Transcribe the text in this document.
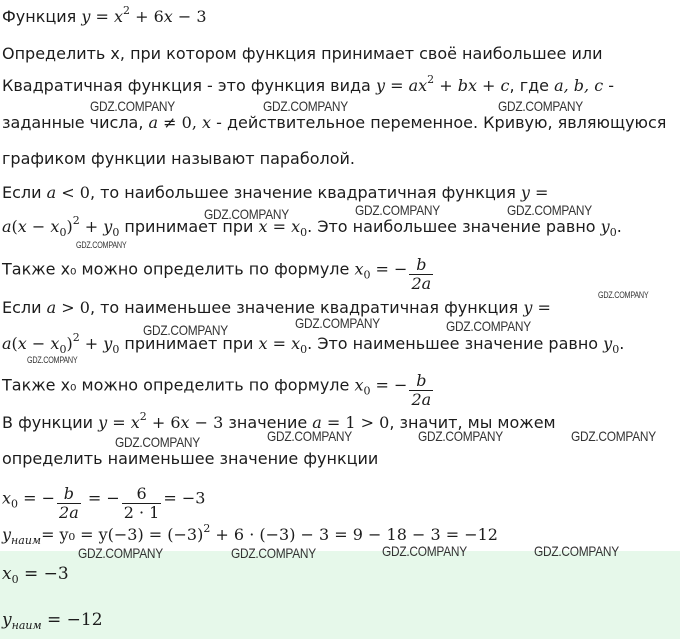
Функция $y = x^2 + 6x - 3$
Определить x, при котором функция принимает своё наибольшее или
Квадратичная функция - это функция вида $y = ax^2$ + bx + c, где a, b, c -
заданные числа, a ≠ 0, x - действительное переменное. Кривую, являющуюся
графиком функции называют параболой.
Если a < 0, то наибольшее значение квадратичная функция y =
$a(x - x_0)^2 + y_0$ принимает при $x = x_0$. Это наибольшее значение равно $y_0$.
Также x₀ можно определить по формуле $x_0$ = − $\frac{b}{2a}$
Если a > 0, то наименьшее значение квадратичная функция y =
$a(x - x_0)^2 + y_0$ принимает при $x = x_0$. Это наименьшее значение равно $y_0$.
Также x₀ можно определить по формуле $x_0$ = − $\frac{b}{2a}$
В функции $y = x^2 + 6x - 3$ значение a = 1 > 0, значит, мы можем
определить наименьшее значение функции
$x_0$ = − $\frac{b}{2a}$ = − $\frac{6}{2 \cdot 1} = -3$
$y_{наим}= y_0 = y(-3) = (-3)^2 + 6 \cdot (-3) - 3 = 9 - 18 - 3 = -12$
$x_0 = -3$
$y_{наим} = -12$
GDZ.COMPANY	GDZ.COMPANY	GDZ.COMPANY
GDZ.COMPANY	GDZ.COMPANY	GDZ.COMPANY
GDZ.COMPANY
GDZ.COMPANY
GDZ.COMPANY	GDZ.COMPANY	GDZ.COMPANY
GDZ.COMPANY
GDZ.COMPANY	GDZ.COMPANY	GDZ.COMPANY	GDZ.COMPANY
GDZ.COMPANY	GDZ.COMPANY	GDZ.COMPANY	GDZ.COMPANY
